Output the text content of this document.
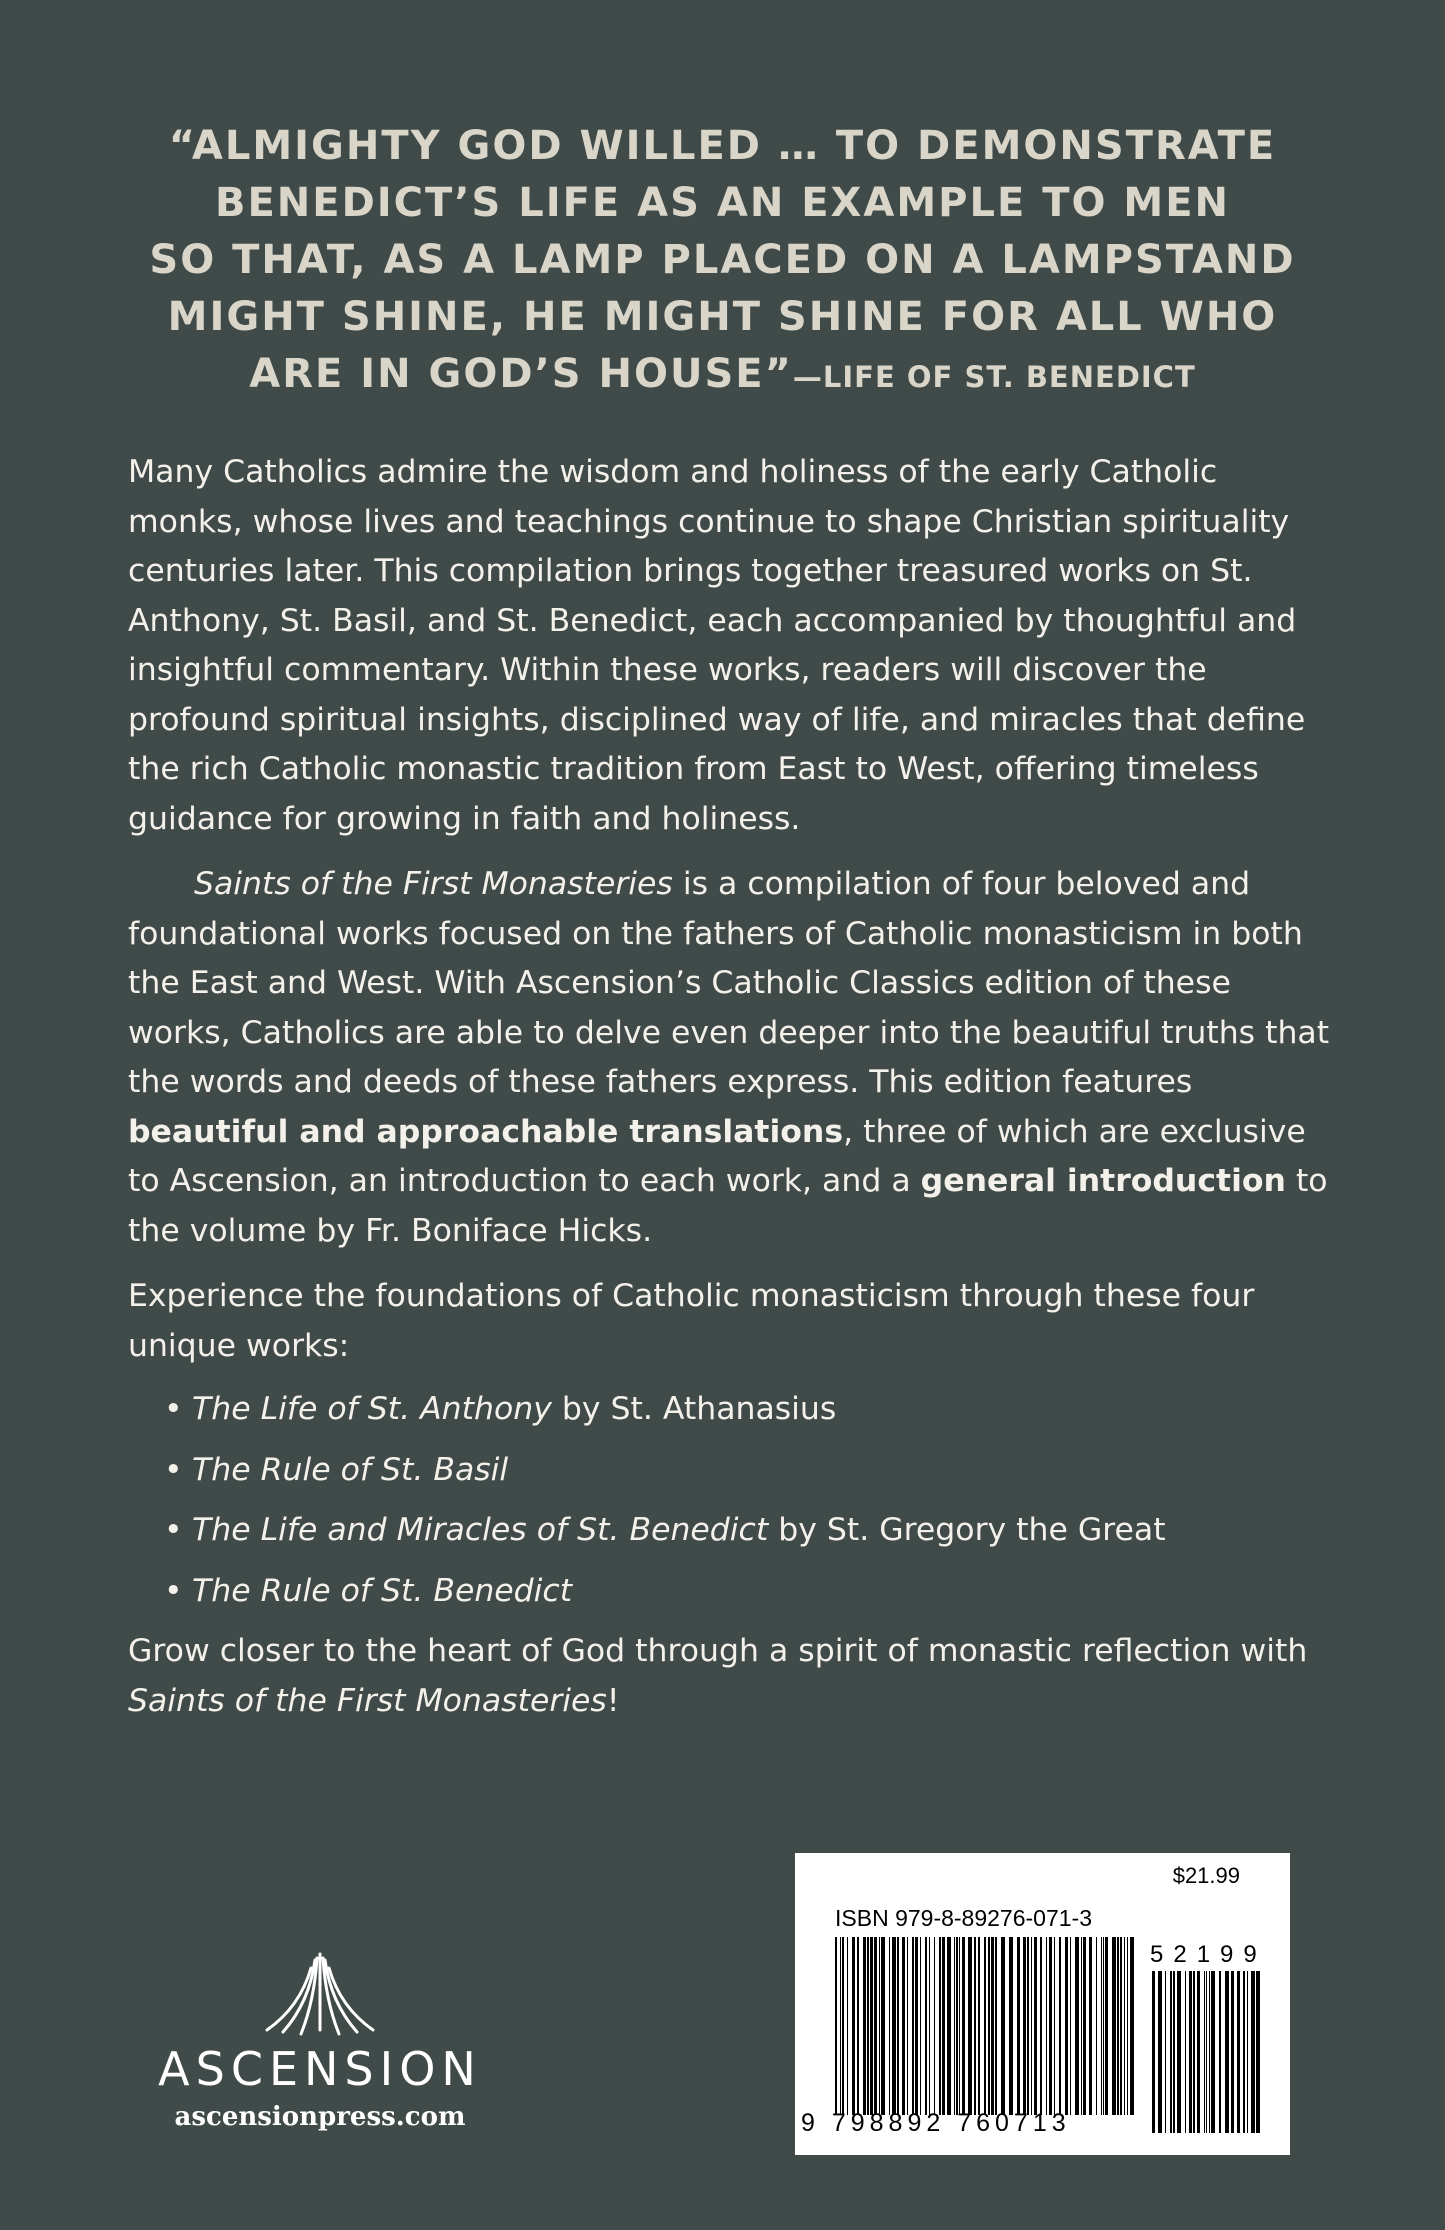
“ALMIGHTY GOD WILLED … TO DEMONSTRATE
BENEDICT’S LIFE AS AN EXAMPLE TO MEN
SO THAT, AS A LAMP PLACED ON A LAMPSTAND
MIGHT SHINE, HE MIGHT SHINE FOR ALL WHO
ARE IN GOD’S HOUSE”—LIFE OF ST. BENEDICT

Many Catholics admire the wisdom and holiness of the early Catholic monks, whose lives and teachings continue to shape Christian spirituality centuries later. This compilation brings together treasured works on St. Anthony, St. Basil, and St. Benedict, each accompanied by thoughtful and insightful commentary. Within these works, readers will discover the profound spiritual insights, disciplined way of life, and miracles that define the rich Catholic monastic tradition from East to West, offering timeless guidance for growing in faith and holiness.

Saints of the First Monasteries is a compilation of four beloved and foundational works focused on the fathers of Catholic monasticism in both the East and West. With Ascension’s Catholic Classics edition of these works, Catholics are able to delve even deeper into the beautiful truths that the words and deeds of these fathers express. This edition features beautiful and approachable translations, three of which are exclusive to Ascension, an introduction to each work, and a general introduction to the volume by Fr. Boniface Hicks.

Experience the foundations of Catholic monasticism through these four unique works:

• The Life of St. Anthony by St. Athanasius
• The Rule of St. Basil
• The Life and Miracles of St. Benedict by St. Gregory the Great
• The Rule of St. Benedict

Grow closer to the heart of God through a spirit of monastic reflection with Saints of the First Monasteries!

ASCENSION
ascensionpress.com
$21.99
ISBN 979-8-89276-071-3
52199
9 798892 760713
